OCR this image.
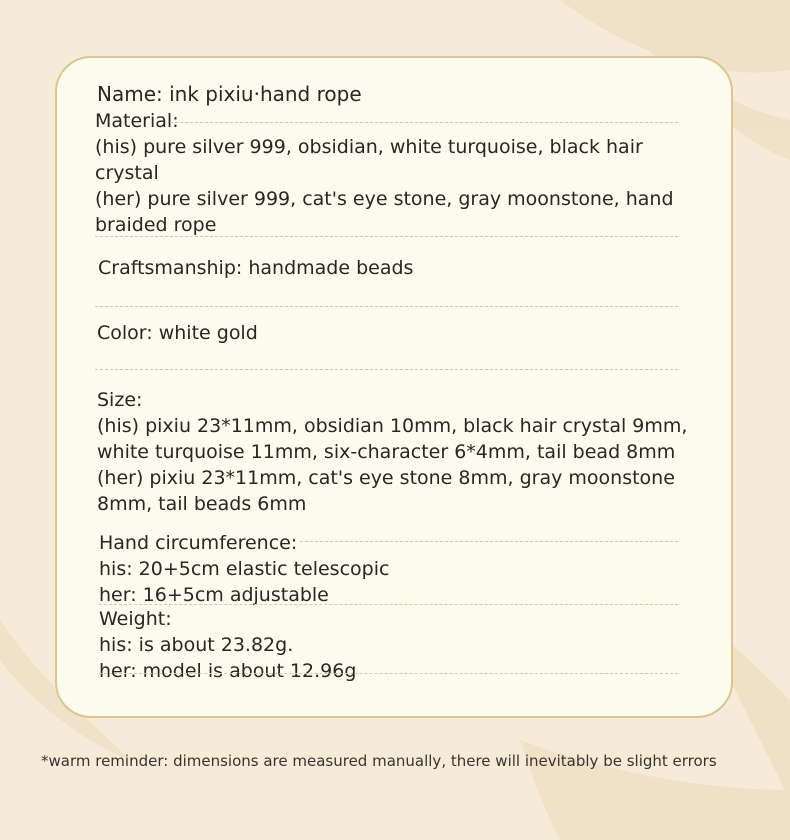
Name: ink pixiu·hand rope
Material:
(his) pure silver 999, obsidian, white turquoise, black hair
crystal
(her) pure silver 999, cat's eye stone, gray moonstone, hand
braided rope
Craftsmanship: handmade beads
Color: white gold
Size:
(his) pixiu 23*11mm, obsidian 10mm, black hair crystal 9mm,
white turquoise 11mm, six-character 6*4mm, tail bead 8mm
(her) pixiu 23*11mm, cat's eye stone 8mm, gray moonstone
8mm, tail beads 6mm
Hand circumference:
his: 20+5cm elastic telescopic
her: 16+5cm adjustable
Weight:
his: is about 23.82g.
her: model is about 12.96g
*warm reminder: dimensions are measured manually, there will inevitably be slight errors
